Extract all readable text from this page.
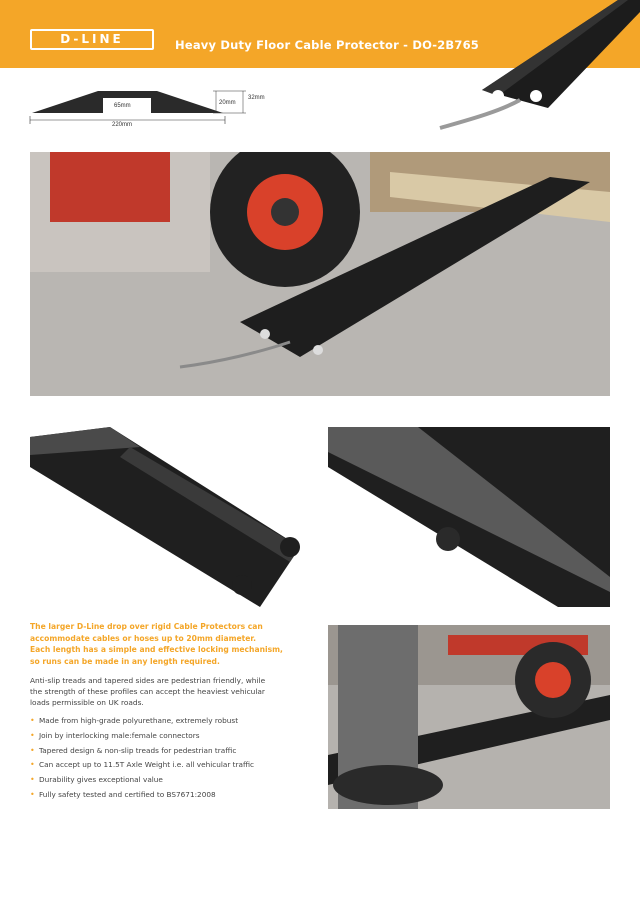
D-LINE	Heavy Duty Floor Cable Protector - DO-2B765
65mm	20mm
32mm
220mm

The larger D-Line drop over rigid Cable Protectors can
accommodate cables or hoses up to 20mm diameter.
Each length has a simple and effective locking mechanism,
so runs can be made in any length required.

Anti-slip treads and tapered sides are pedestrian friendly, while
the strength of these profiles can accept the heaviest vehicular
loads permissible on UK roads.

• Made from high-grade polyurethane, extremely robust
• Join by interlocking male:female connectors
• Tapered design & non-slip treads for pedestrian traffic
• Can accept up to 11.5T Axle Weight i.e. all vehicular traffic
• Durability gives exceptional value
• Fully safety tested and certified to BS7671:2008
